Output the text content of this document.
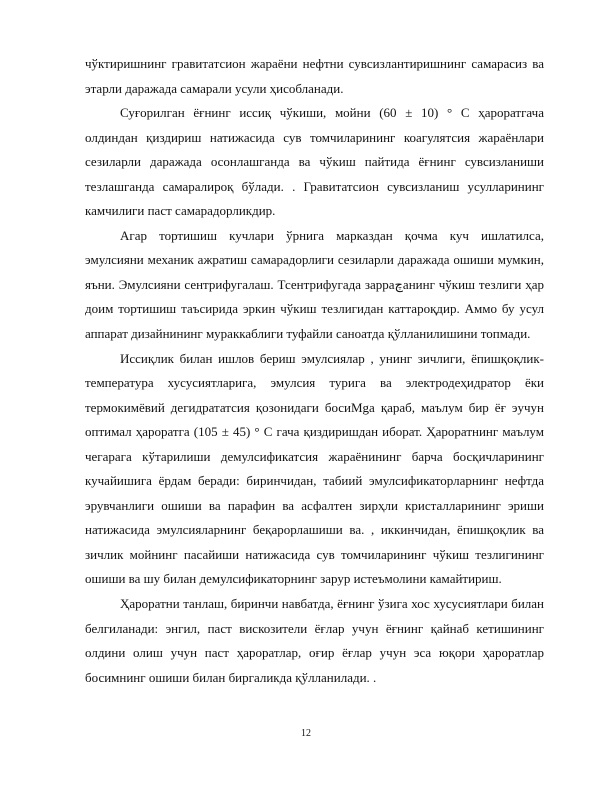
чўктиришнинг гравитатсион жараёни нефтни сувсизлантиришнинг самарасиз ва этарли даражада самарали усули ҳисобланади.

Суғорилган ёғнинг иссиқ чўкиши, мойни (60 ± 10) ° C ҳароратгача олдиндан қиздириш натижасида сув томчиларининг коагулятсия жараёнлари сезиларли даражада осонлашганда ва чўкиш пайтида ёғнинг сувсизланиши тезлашганда самаралироқ бўлади. . Гравитатсион сувсизланиш усулларининг камчилиги паст самарадорликдир.

Агар тортишиш кучлари ўрнига марказдан қочма куч ишлатилса, эмулсияни механик ажратиш самарадорлиги сезиларли даражада ошиши мумкин, яъни. Эмулсияни сентрифугалаш. Тсентрифугада зарраچанинг чўкиш тезлиги ҳар доим тортишиш таъсирида эркин чўкиш тезлигидан каттароқдир. Аммо бу усул аппарат дизайнининг мураккаблиги туфайли саноатда қўлланилишини топмади.

Иссиқлик билан ишлов бериш эмулсиялар , унинг зичлиги, ёпишқоқлик-температура хусусиятларига, эмулсия турига ва электродеҳидратор ёки термокимёвий дегидрататсия қозонидаги босиMga қараб, маълум бир ёғ эучун оптимал ҳароратга (105 ± 45) ° C гача қиздиришдан иборат. Ҳароратнинг маълум чегарага кўтарилиши демулсификатсия жараёнининг барча босқичларининг кучайишига ёрдам беради: биринчидан, табиий эмулсификаторларнинг нефтда эрувчанлиги ошиши ва парафин ва асфалтен зирҳли кристалларининг эриши натижасида эмулсияларнинг беқарорлашиши ва. , иккинчидан, ёпишқоқлик ва зичлик мойнинг пасайиши натижасида сув томчиларининг чўкиш тезлигининг ошиши ва шу билан демулсификаторнинг зарур истеъмолини камайтириш.

Ҳароратни танлаш, биринчи навбатда, ёғнинг ўзига хос хусусиятлари билан белгиланади: энгил, паст вискозители ёғлар учун ёғнинг қайнаб кетишининг олдини олиш учун паст ҳароратлар, оғир ёғлар учун эса юқори ҳароратлар босимнинг ошиши билан биргаликда қўлланилади. .

12
